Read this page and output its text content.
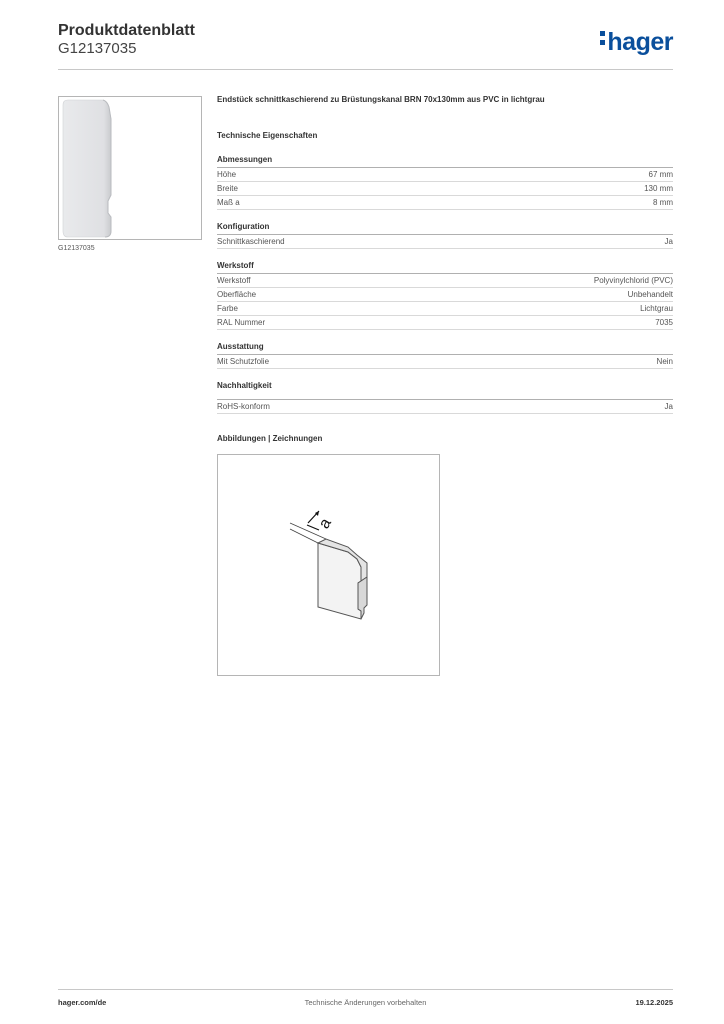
Produktdatenblatt
G12137035	hager
G12137035
Endstück schnittkaschierend zu Brüstungskanal BRN 70x130mm aus PVC in lichtgrau
Technische Eigenschaften
Abmessungen
Höhe	67 mm
Breite	130 mm
Maß a	8 mm
Konfiguration
Schnittkaschierend	Ja
Werkstoff
Werkstoff	Polyvinylchlorid (PVC)
Oberfläche	Unbehandelt
Farbe	Lichtgrau
RAL Nummer	7035
Ausstattung
Mit Schutzfolie	Nein
Nachhaltigkeit
RoHS-konform	Ja
Abbildungen | Zeichnungen
a
hager.com/de	Technische Änderungen vorbehalten	19.12.2025
